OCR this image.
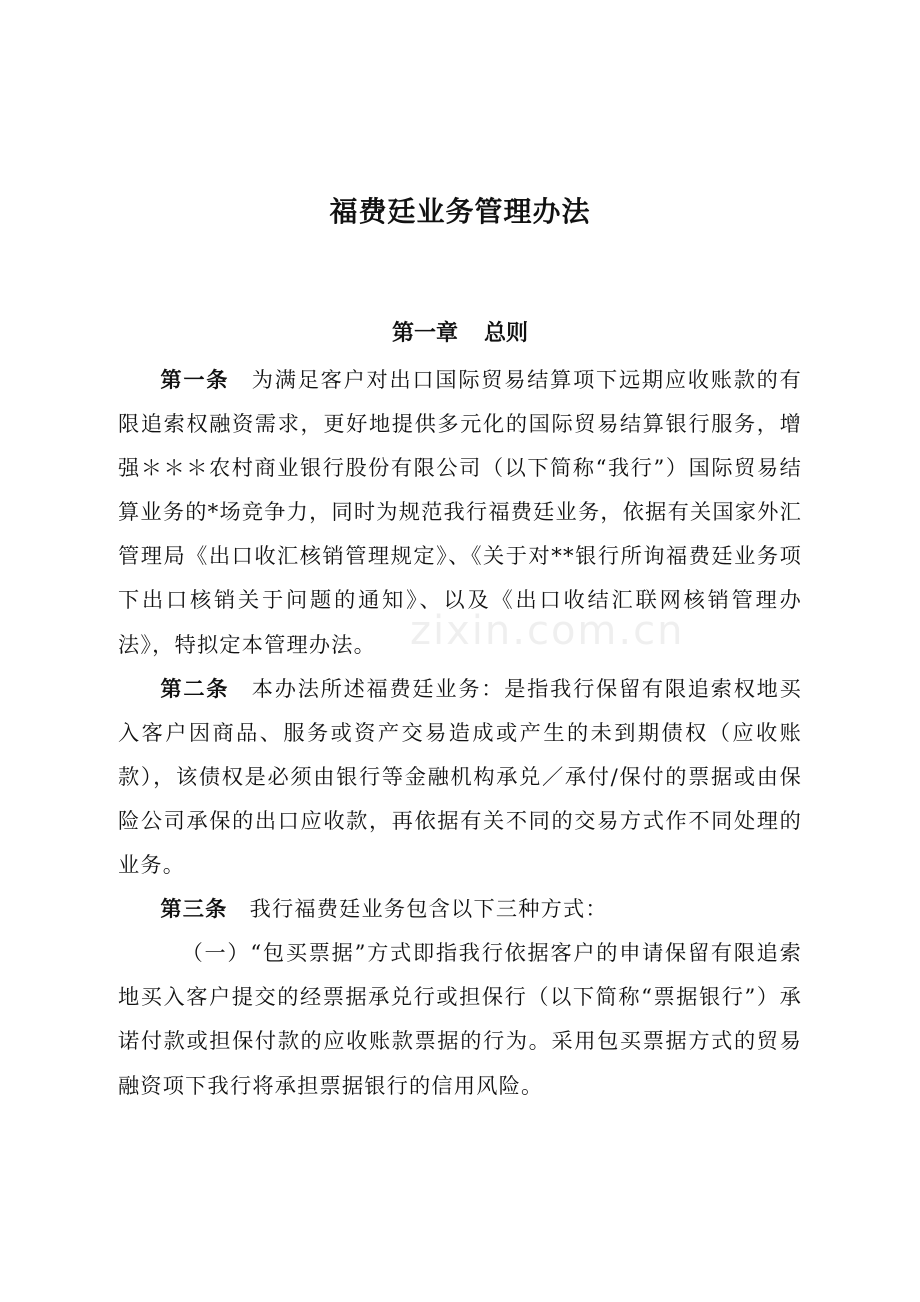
福费廷业务管理办法
第一章 总则

第一条 为满足客户对出口国际贸易结算项下远期应收账款的有限追索权融资需求，更好地提供多元化的国际贸易结算银行服务，增强＊＊＊农村商业银行股份有限公司（以下简称“我行”）国际贸易结算业务的*场竞争力，同时为规范我行福费廷业务，依据有关国家外汇管理局《出口收汇核销管理规定》、《关于对**银行所询福费廷业务项下出口核销关于问题的通知》、以及《出口收结汇联网核销管理办法》，特拟定本管理办法。

第二条 本办法所述福费廷业务：是指我行保留有限追索权地买入客户因商品、服务或资产交易造成或产生的未到期债权（应收账款），该债权是必须由银行等金融机构承兑／承付/保付的票据或由保险公司承保的出口应收款，再依据有关不同的交易方式作不同处理的业务。

第三条 我行福费廷业务包含以下三种方式：

（一）“包买票据”方式即指我行依据客户的申请保留有限追索地买入客户提交的经票据承兑行或担保行（以下简称“票据银行”）承诺付款或担保付款的应收账款票据的行为。采用包买票据方式的贸易融资项下我行将承担票据银行的信用风险。

zixin.com.cn
